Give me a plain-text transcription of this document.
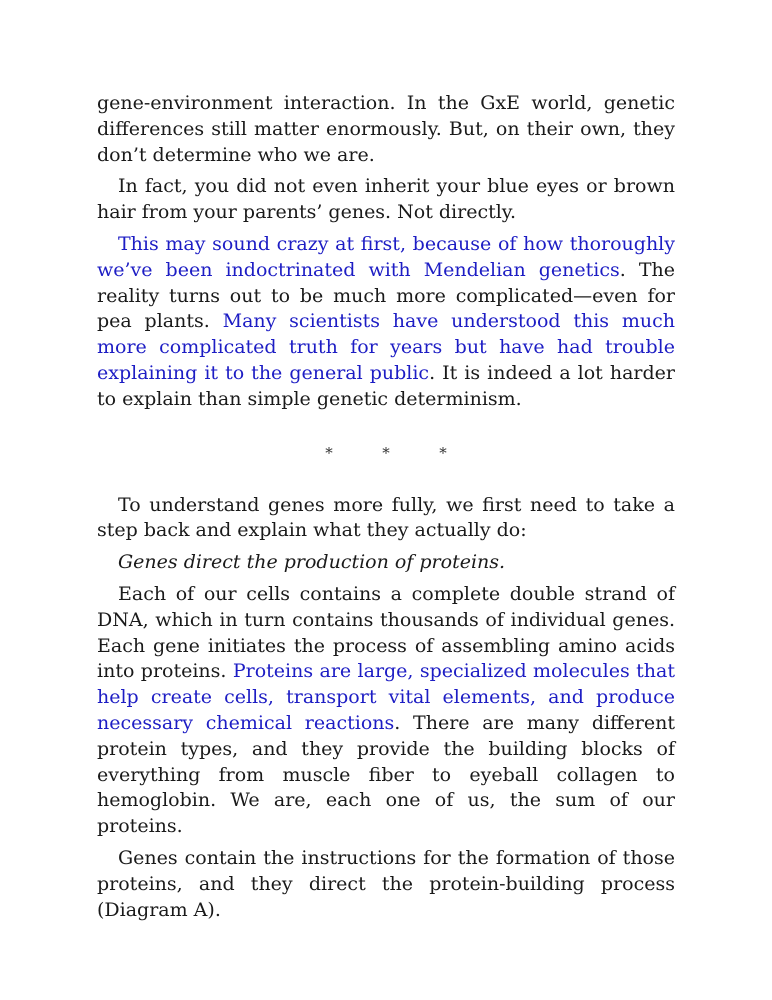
gene-environment interaction. In the GxE world, genetic differences still matter enormously. But, on their own, they don’t determine who we are.

In fact, you did not even inherit your blue eyes or brown hair from your parents’ genes. Not directly.

This may sound crazy at first, because of how thoroughly we’ve been indoctrinated with Mendelian genetics. The reality turns out to be much more complicated—even for pea plants. Many scientists have understood this much more complicated truth for years but have had trouble explaining it to the general public. It is indeed a lot harder to explain than simple genetic determinism.

*	*	*

To understand genes more fully, we first need to take a step back and explain what they actually do:

Genes direct the production of proteins.

Each of our cells contains a complete double strand of DNA, which in turn contains thousands of individual genes. Each gene initiates the process of assembling amino acids into proteins. Proteins are large, specialized molecules that help create cells, transport vital elements, and produce necessary chemical reactions. There are many different protein types, and they provide the building blocks of everything from muscle fiber to eyeball collagen to hemoglobin. We are, each one of us, the sum of our proteins.

Genes contain the instructions for the formation of those proteins, and they direct the protein-building process (Diagram A).
